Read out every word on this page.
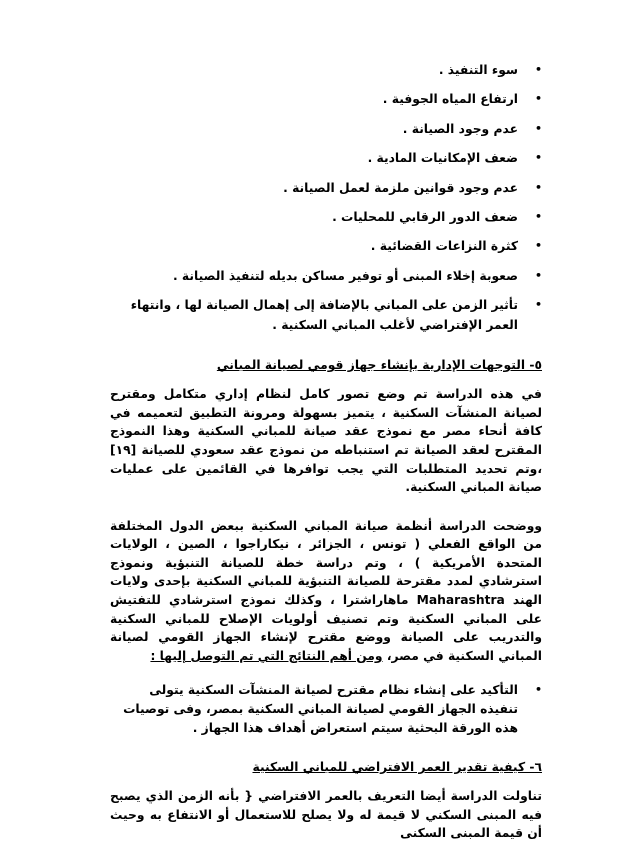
• سوء التنفيذ .
• ارتفاع المياه الجوفية .
• عدم وجود الصيانة .
• ضعف الإمكانيات المادية .
• عدم وجود قوانين ملزمة لعمل الصيانة .
• ضعف الدور الرقابي للمحليات .
• كثرة النزاعات القضائية .
• صعوبة إخلاء المبنى أو توفير مساكن بديله لتنفيذ الصيانة .
• تأثير الزمن على المباني بالإضافة إلى إهمال الصيانة لها ، وانتهاء العمر الإفتراضي لأغلب المباني السكنية .
٥- التوجهات الإدارية بإنشاء جهاز قومي لصيانة المباني

في هذه الدراسة تم وضع تصور كامل لنظام إداري متكامل ومقترح لصيانة المنشآت السكنية ، يتميز بسهولة ومرونة التطبيق لتعميمه في كافة أنحاء مصر مع نموذج عقد صيانة للمباني السكنية وهذا النموذج المقترح لعقد الصيانة تم استنباطه من نموذج عقد سعودي للصيانة [١٩] ،وتم تحديد المتطلبات التي يجب توافرها في القائمين على عمليات صيانة المباني السكنية.

ووضحت الدراسة أنظمة صيانة المباني السكنية ببعض الدول المختلفة من الواقع الفعلي ( تونس ، الجزائر ، نيكاراجوا ، الصين ، الولايات المتحدة الأمريكية ) ، وتم دراسة خطة للصيانة التنبؤية ونموذج استرشادي لمدد مقترحة للصيانة التنبؤية للمباني السكنية بإحدى ولايات الهند Maharashtra ماهاراشترا ، وكذلك نموذج استرشادي للتفتيش على المباني السكنية وتم تصنيف أولويات الإصلاح للمباني السكنية والتدريب على الصيانة ووضع مقترح لإنشاء الجهاز القومي لصيانة المباني السكنية في مصر، ومن أهم النتائج التي تم التوصل إليها :

• التأكيد على إنشاء نظام مقترح لصيانة المنشآت السكنية يتولى تنفيذه الجهاز القومي لصيانة المباني السكنية بمصر، وفى توصيات هذه الورقة البحثية سيتم استعراض أهداف هذا الجهاز .
٦- كيفية تقدير العمر الافتراضي للمباني السكنية

تناولت الدراسة أيضا التعريف بالعمر الافتراضي { بأنه الزمن الذي يصبح فيه المبنى السكني لا قيمة له ولا يصلح للاستعمال أو الانتفاع به وحيث أن قيمة المبنى السكنى
